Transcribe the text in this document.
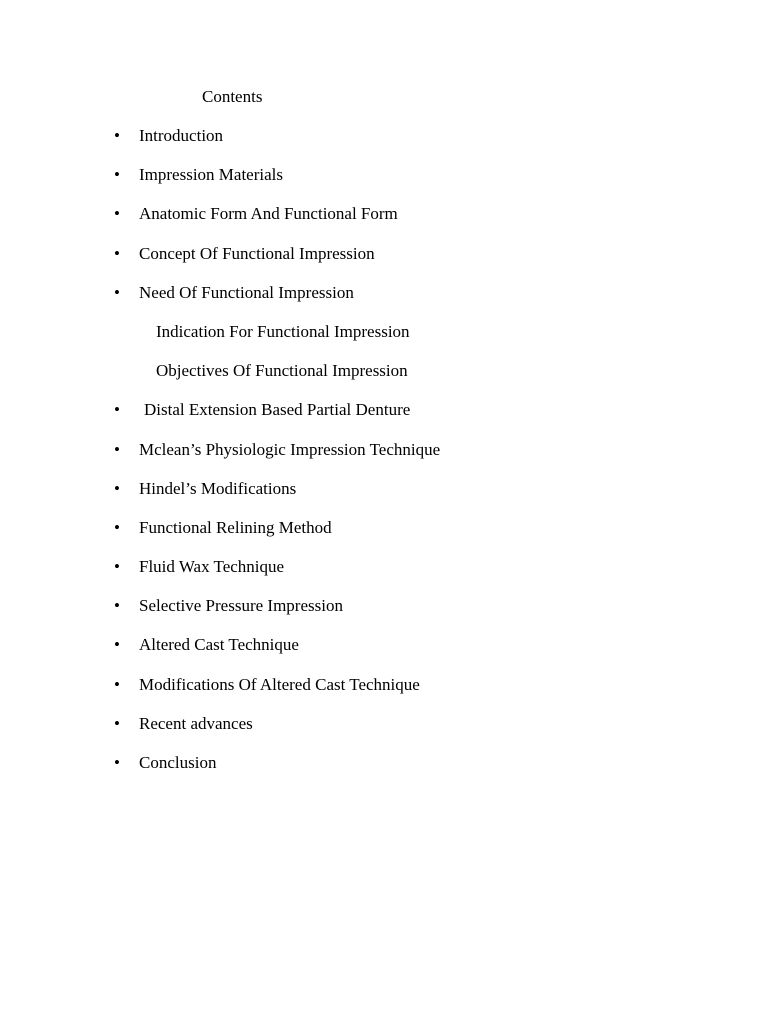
Contents
• Introduction
• Impression Materials
• Anatomic Form And Functional Form
• Concept Of Functional Impression
• Need Of Functional Impression
Indication For Functional Impression
Objectives Of Functional Impression
• Distal Extension Based Partial Denture
• Mclean’s Physiologic Impression Technique
• Hindel’s Modifications
• Functional Relining Method
• Fluid Wax Technique
• Selective Pressure Impression
• Altered Cast Technique
• Modifications Of Altered Cast Technique
• Recent advances
• Conclusion
